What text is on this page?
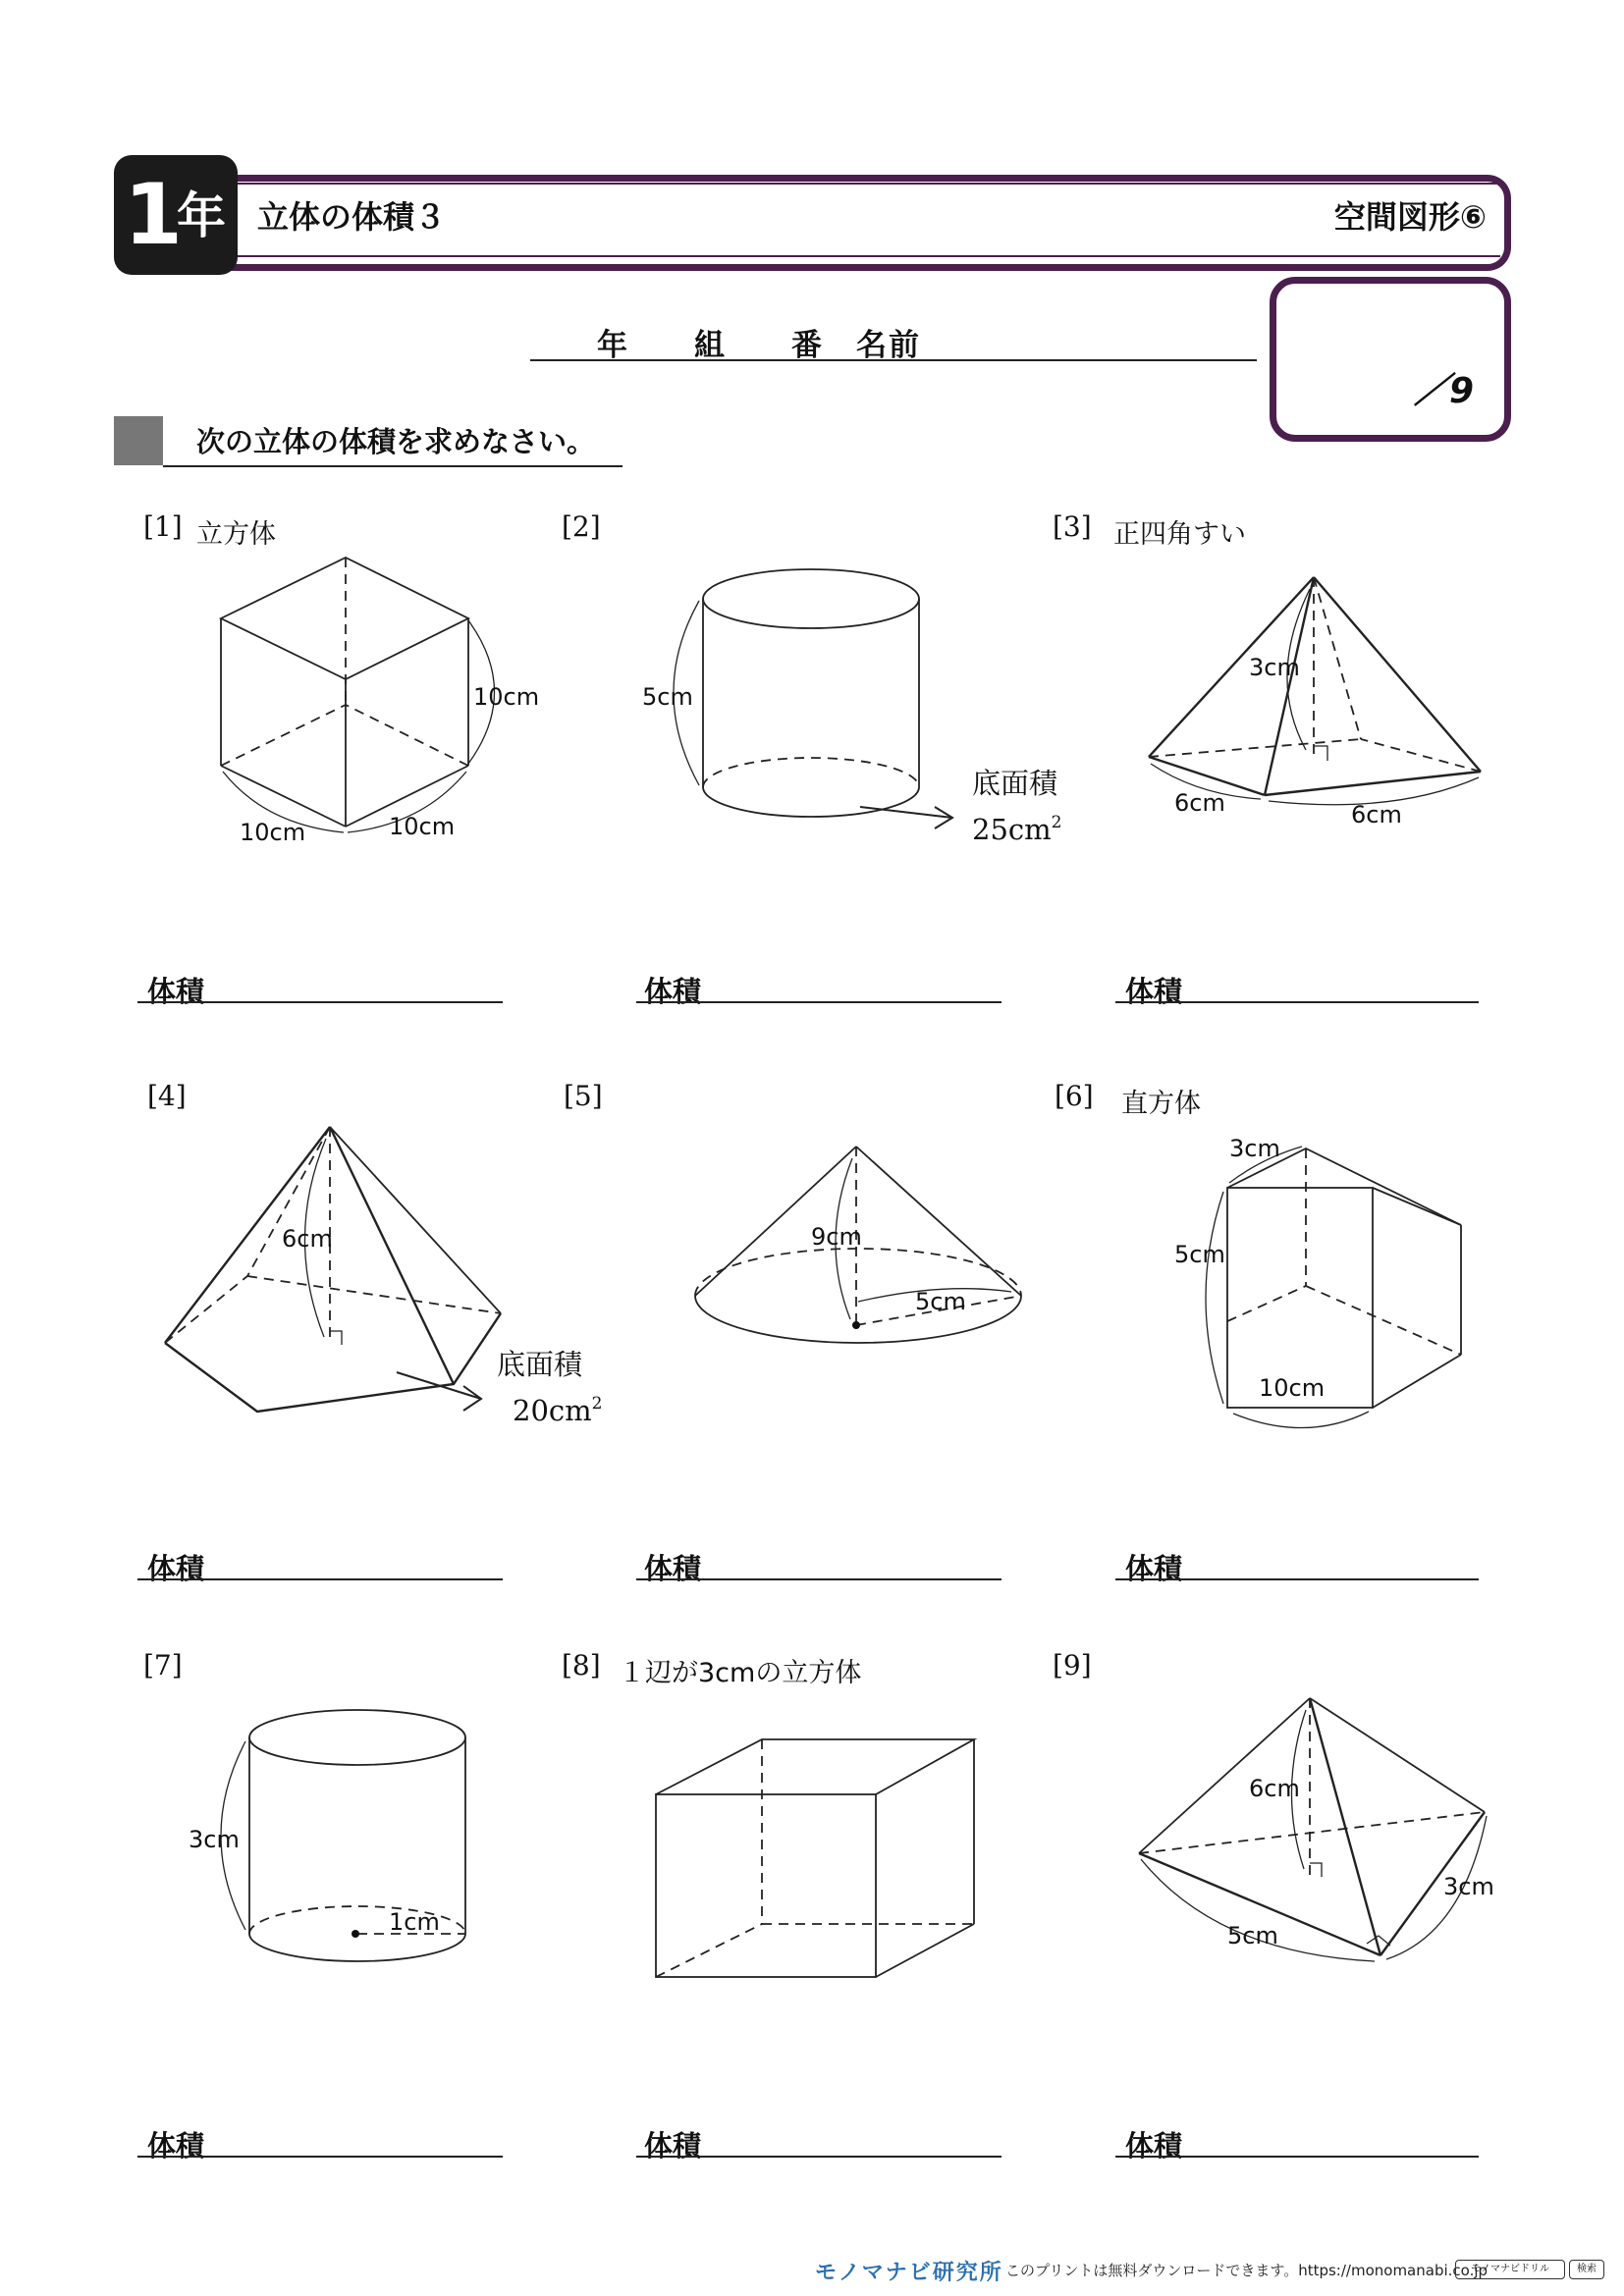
1
年 立体の体積３	空間図形⑥
年　　組　　番　名前
／9
次の立体の体積を求めなさい。
[1] 立方体	[2]	[3] 正四角すい
[4]	[5]	[6] 直方体
[7]	[8] １辺が3cmの立方体	[9]
体積	体積	体積
体積	体積	体積
体積	体積	体積
10cm
10cm	10cm
5cm
底面積
$25cm^2$
3cm
6cm	6cm
6cm
底面積
$20cm^2$
9cm
5cm
3cm
5cm
10cm
3cm
1cm
6cm
5cm
3cm
モノマナビ研究所 このプリントは無料ダウンロードできます。https://monomanabi.co.jp
モノマナビドリル	検索
